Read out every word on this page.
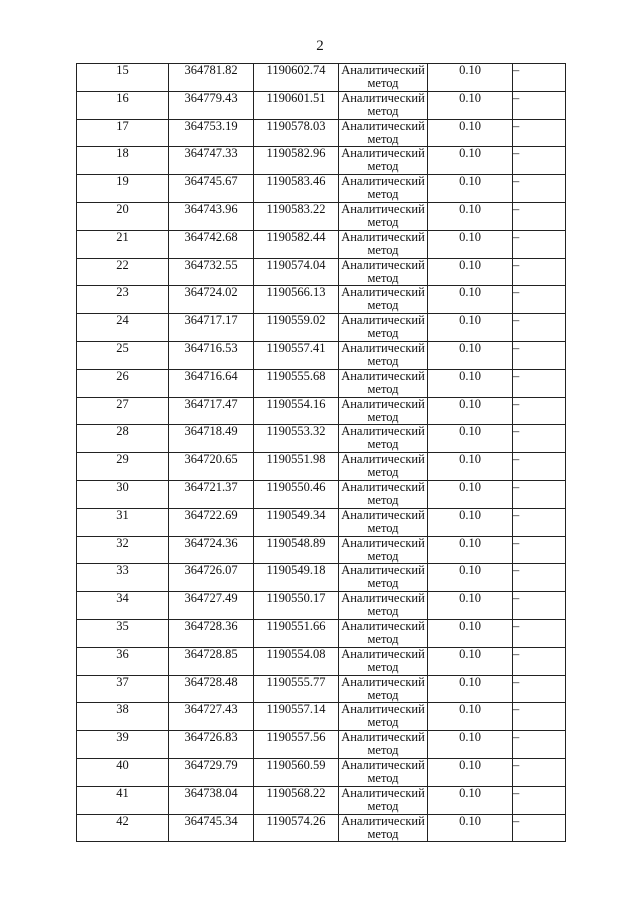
2
15	364781.82	1190602.74	Аналитический метод	0.10	–
16	364779.43	1190601.51	Аналитический метод	0.10	–
17	364753.19	1190578.03	Аналитический метод	0.10	–
18	364747.33	1190582.96	Аналитический метод	0.10	–
19	364745.67	1190583.46	Аналитический метод	0.10	–
20	364743.96	1190583.22	Аналитический метод	0.10	–
21	364742.68	1190582.44	Аналитический метод	0.10	–
22	364732.55	1190574.04	Аналитический метод	0.10	–
23	364724.02	1190566.13	Аналитический метод	0.10	–
24	364717.17	1190559.02	Аналитический метод	0.10	–
25	364716.53	1190557.41	Аналитический метод	0.10	–
26	364716.64	1190555.68	Аналитический метод	0.10	–
27	364717.47	1190554.16	Аналитический метод	0.10	–
28	364718.49	1190553.32	Аналитический метод	0.10	–
29	364720.65	1190551.98	Аналитический метод	0.10	–
30	364721.37	1190550.46	Аналитический метод	0.10	–
31	364722.69	1190549.34	Аналитический метод	0.10	–
32	364724.36	1190548.89	Аналитический метод	0.10	–
33	364726.07	1190549.18	Аналитический метод	0.10	–
34	364727.49	1190550.17	Аналитический метод	0.10	–
35	364728.36	1190551.66	Аналитический метод	0.10	–
36	364728.85	1190554.08	Аналитический метод	0.10	–
37	364728.48	1190555.77	Аналитический метод	0.10	–
38	364727.43	1190557.14	Аналитический метод	0.10	–
39	364726.83	1190557.56	Аналитический метод	0.10	–
40	364729.79	1190560.59	Аналитический метод	0.10	–
41	364738.04	1190568.22	Аналитический метод	0.10	–
42	364745.34	1190574.26	Аналитический метод	0.10	–
